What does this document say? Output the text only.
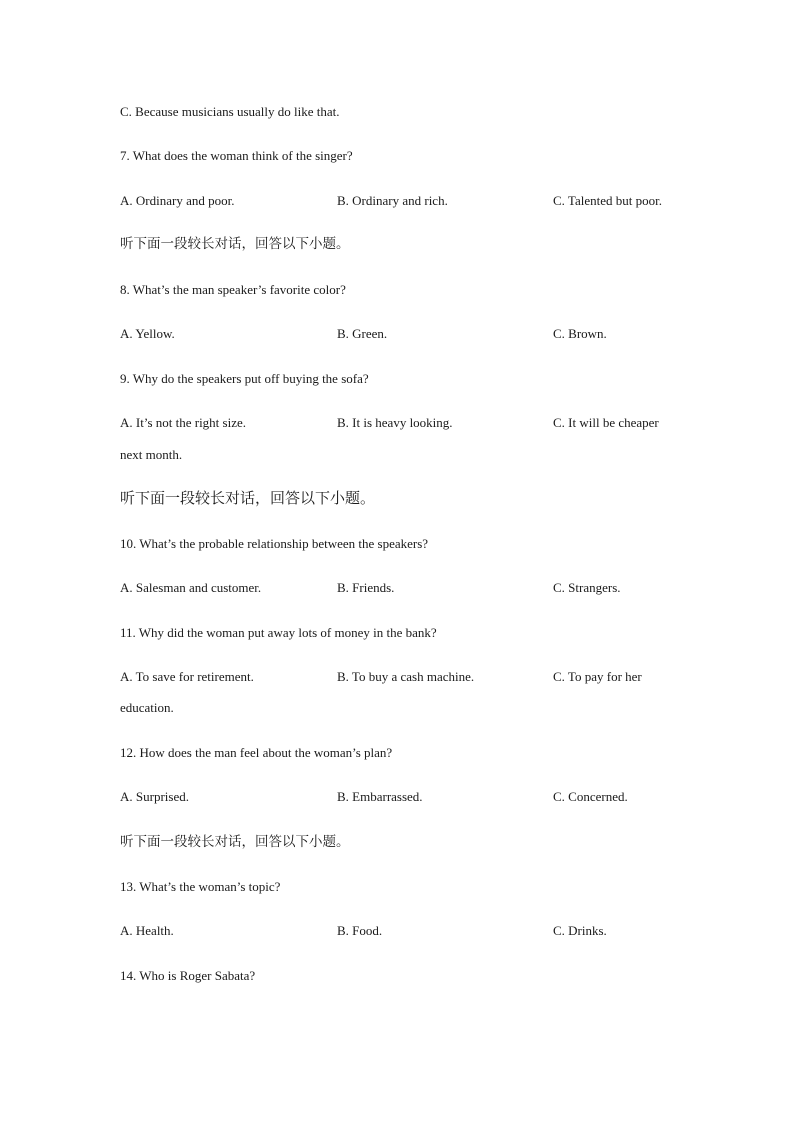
C. Because musicians usually do like that.
7. What does the woman think of the singer?
A. Ordinary and poor.	B. Ordinary and rich.	C. Talented but poor.
听下面一段较长对话，回答以下小题。
8. What’s the man speaker’s favorite color?
A. Yellow.	B. Green.	C. Brown.
9. Why do the speakers put off buying the sofa?
A. It’s not the right size.	B. It is heavy looking.	C. It will be cheaper
next month.
听下面一段较长对话，回答以下小题。
10. What’s the probable relationship between the speakers?
A. Salesman and customer.	B. Friends.	C. Strangers.
11. Why did the woman put away lots of money in the bank?
A. To save for retirement.	B. To buy a cash machine.	C. To pay for her
education.
12. How does the man feel about the woman’s plan?
A. Surprised.	B. Embarrassed.	C. Concerned.
听下面一段较长对话，回答以下小题。
13. What’s the woman’s topic?
A. Health.	B. Food.	C. Drinks.
14. Who is Roger Sabata?
